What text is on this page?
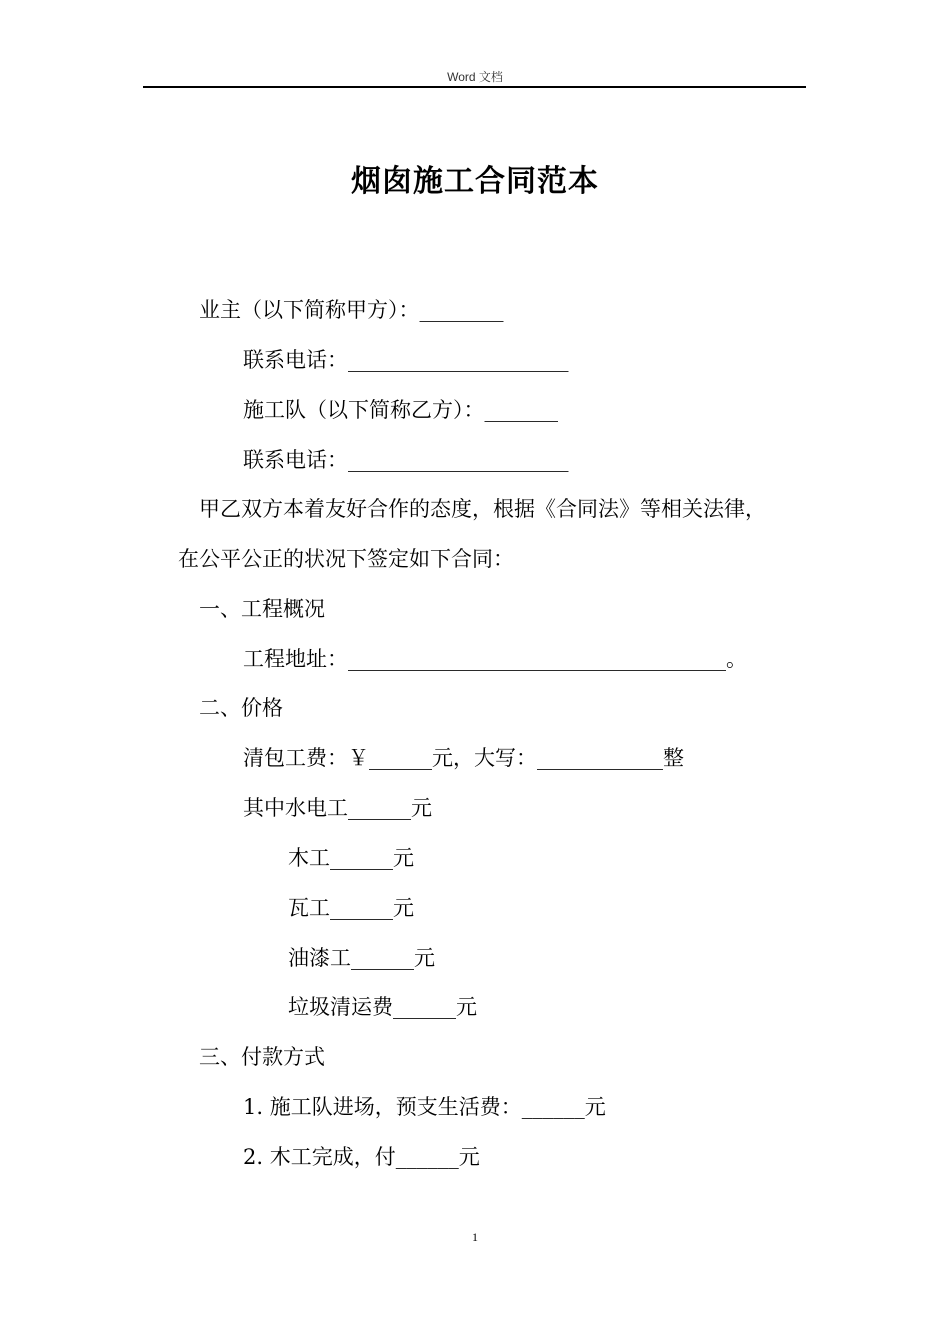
Word 文档
烟囱施工合同范本
业主（以下简称甲方）：________
联系电话：_____________________
施工队（以下简称乙方）：_______
联系电话：_____________________
甲乙双方本着友好合作的态度，根据《合同法》等相关法律，
在公平公正的状况下签定如下合同：
一、工程概况
工程地址：____________________________________。
二、价格
清包工费：￥______元，大写：____________整
其中水电工______元
木工______元
瓦工______元
油漆工______元
垃圾清运费______元
三、付款方式
1. 施工队进场，预支生活费：______元
2. 木工完成，付______元
1
